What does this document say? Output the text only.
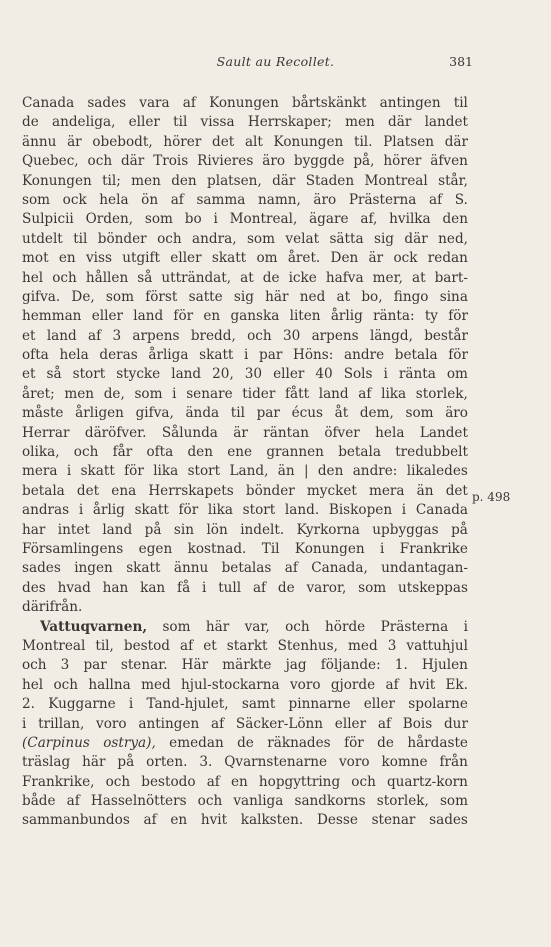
Sault au Recollet.	381
Canada sades vara af Konungen bårtskänkt antingen til
de andeliga, eller til vissa Herrskaper; men där landet
ännu är obebodt, hörer det alt Konungen til. Platsen där
Quebec, och där Trois Rivieres äro byggde på, hörer äfven
Konungen til; men den platsen, där Staden Montreal står,
som ock hela ön af samma namn, äro Prästerna af S.
Sulpicii Orden, som bo i Montreal, ägare af, hvilka den
utdelt til bönder och andra, som velat sätta sig där ned,
mot en viss utgift eller skatt om året. Den är ock redan
hel och hållen så utträndat, at de icke hafva mer, at bart-
gifva. De, som först satte sig här ned at bo, fingo sina
hemman eller land för en ganska liten årlig ränta: ty för
et land af 3 arpens bredd, och 30 arpens längd, består
ofta hela deras årliga skatt i par Höns: andre betala för
et så stort stycke land 20, 30 eller 40 Sols i ränta om
året; men de, som i senare tider fått land af lika storlek,
måste årligen gifva, ända til par écus åt dem, som äro
Herrar däröfver. Sålunda är räntan öfver hela Landet
olika, och får ofta den ene grannen betala tredubbelt
mera i skatt för lika stort Land, än | den andre: likaledes
betala det ena Herrskapets bönder mycket mera än det
andras i årlig skatt för lika stort land. Biskopen i Canada
har intet land på sin lön indelt. Kyrkorna upbyggas på
Församlingens egen kostnad. Til Konungen i Frankrike
sades ingen skatt ännu betalas af Canada, undantagan-
des hvad han kan få i tull af de varor, som utskeppas
därifrån.
Vattuqvarnen, som här var, och hörde Prästerna i
Montreal til, bestod af et starkt Stenhus, med 3 vattuhjul
och 3 par stenar. Här märkte jag följande: 1. Hjulen
hel och hallna med hjul-stockarna voro gjorde af hvit Ek.
2. Kuggarne i Tand-hjulet, samt pinnarne eller spolarne
i trillan, voro antingen af Säcker-Lönn eller af Bois dur
(Carpinus ostrya), emedan de räknades för de hårdaste
träslag här på orten. 3. Qvarnstenarne voro komne från
Frankrike, och bestodo af en hopgyttring och quartz-korn
både af Hasselnötters och vanliga sandkorns storlek, som
sammanbundos af en hvit kalksten. Desse stenar sades
p. 498
